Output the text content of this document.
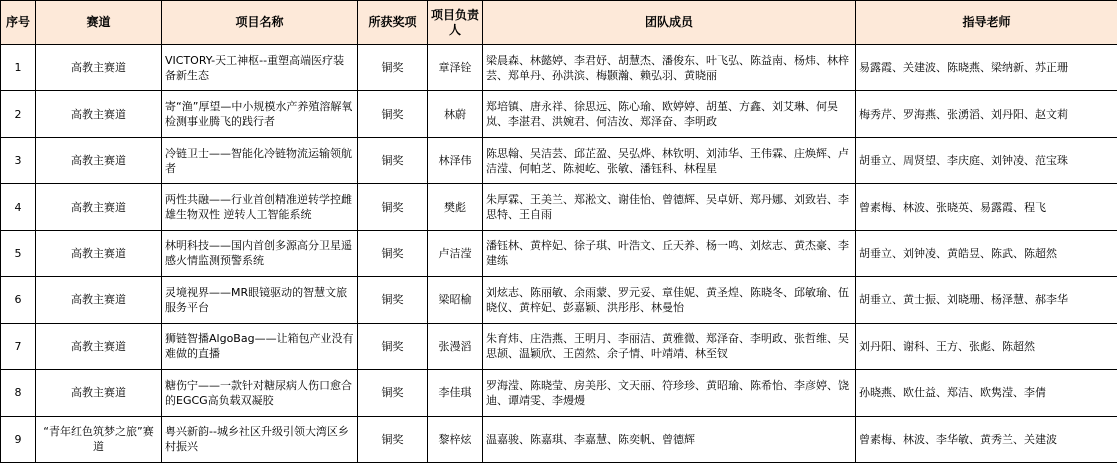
序号	赛道	项目名称	所获奖项	项目负责人	团队成员	指导老师
1	高教主赛道	VICTORY-天工神枢--重塑高端医疗装备新生态	铜奖	章泽铨	梁晨森、林懿婷、李君妤、胡慧杰、潘俊东、叶飞弘、陈益南、杨炜、林梓芸、郑单丹、孙洪滨、梅颢瀚、赖弘羽、黄晓丽	易露霞、关建波、陈晓燕、梁纳新、苏正珊
2	高教主赛道	寄“渔”厚望—中小规模水产养殖溶解氧检测事业腾飞的践行者	铜奖	林蔚	郑培镇、唐永祥、徐思远、陈心瑜、欧婷婷、胡堇、方鑫、刘艾琳、何昊岚、李湛君、洪婉君、何洁汝、郑泽奋、李明政	梅秀芹、罗海燕、张湧滔、刘丹阳、赵文莉
3	高教主赛道	冷链卫士——智能化冷链物流运输领航者	铜奖	林泽伟	陈思翰、吴洁芸、邱芷盈、吴弘烨、林钦明、刘沛华、王伟霖、庄焕辉、卢洁滢、何帕芝、陈昶屹、张敏、潘钰科、林程星	胡垂立、周贤望、李庆庭、刘钟凌、范宝珠
4	高教主赛道	两性共融——行业首创精准逆转学控雌雄生物双性 逆转人工智能系统	铜奖	樊彪	朱厚霖、王美兰、郑淞文、谢佳怡、曾德辉、吴卓妍、郑丹娜、刘致岩、李思特、王自雨	曾素梅、林波、张晓英、易露霞、程飞
5	高教主赛道	林明科技——国内首创多源高分卫星遥感火情监测预警系统	铜奖	卢洁滢	潘钰林、黄梓妃、徐子琪、叶浩文、丘天养、杨一鸣、刘炫志、黄杰豪、李建练	胡垂立、刘钟凌、黄皓昱、陈武、陈超然
6	高教主赛道	灵境视界——MR眼镜驱动的智慧文旅服务平台	铜奖	梁昭榆	刘炫志、陈丽敏、余雨蒙、罗元妥、章佳妮、黄圣煌、陈晓冬、邱敏瑜、伍晓仪、黄梓妃、彭嘉颖、洪彤彤、林曼怡	胡垂立、黄士振、刘晓珊、杨泽慧、郝李华
7	高教主赛道	狮链智播AlgoBag——让箱包产业没有难做的直播	铜奖	张漫滔	朱育炜、庄浩燕、王明月、李丽洁、黄雅微、郑泽奋、李明政、张哲维、吴思颉、温颖欣、王茵然、余子情、叶靖靖、林至钗	刘丹阳、谢科、王方、张彪、陈超然
8	高教主赛道	糖伤宁——一款针对糖尿病人伤口愈合的EGCG高负载双凝胶	铜奖	李佳琪	罗海滢、陈晓莹、房美彤、文天丽、符珍珍、黄昭瑜、陈希怡、李彦婷、饶迪、谭靖雯、李熳熳	孙晓燕、欧仕益、郑洁、欧隽滢、李倩
9	“青年红色筑梦之旅”赛道	粤兴新韵--城乡社区升级引领大湾区乡村振兴	铜奖	黎梓炫	温嘉骏、陈嘉琪、李嘉慧、陈奕帆、曾德辉	曾素梅、林波、李华敏、黄秀兰、关建波
